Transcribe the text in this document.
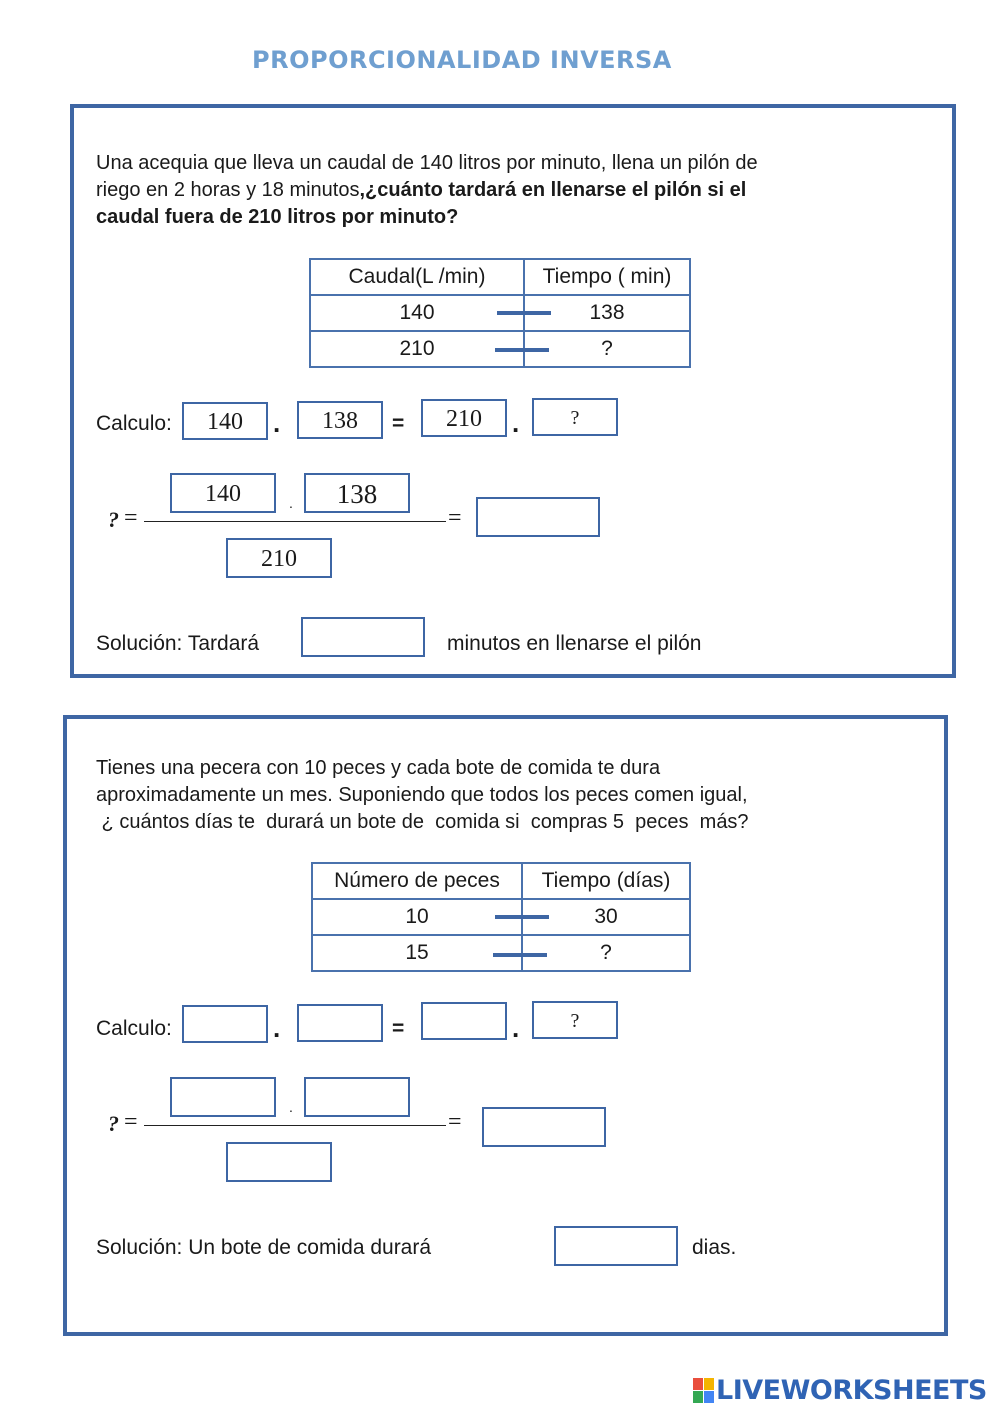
PROPORCIONALIDAD INVERSA
Una acequia que lleva un caudal de 140 litros por minuto, llena un pilón de
riego en 2 horas y 18 minutos,¿cuánto tardará en llenarse el pilón si el
caudal fuera de 210 litros por minuto?
Caudal(L /min)	Tiempo ( min)
140	138
210	?
Calculo:	140	.	138	=	210	.	?
? =
140	.	138
=
210
Solución: Tardará	minutos en llenarse el pilón
Tienes una pecera con 10 peces y cada bote de comida te dura
aproximadamente un mes. Suponiendo que todos los peces comen igual,
¿ cuántos días te  durará un bote de  comida si  compras 5  peces  más?
Número de peces	Tiempo (días)
10	30
15	?
Calculo:	.	=	.	?
? =
.
=
Solución: Un bote de comida durará	dias.
LIVEWORKSHEETS
